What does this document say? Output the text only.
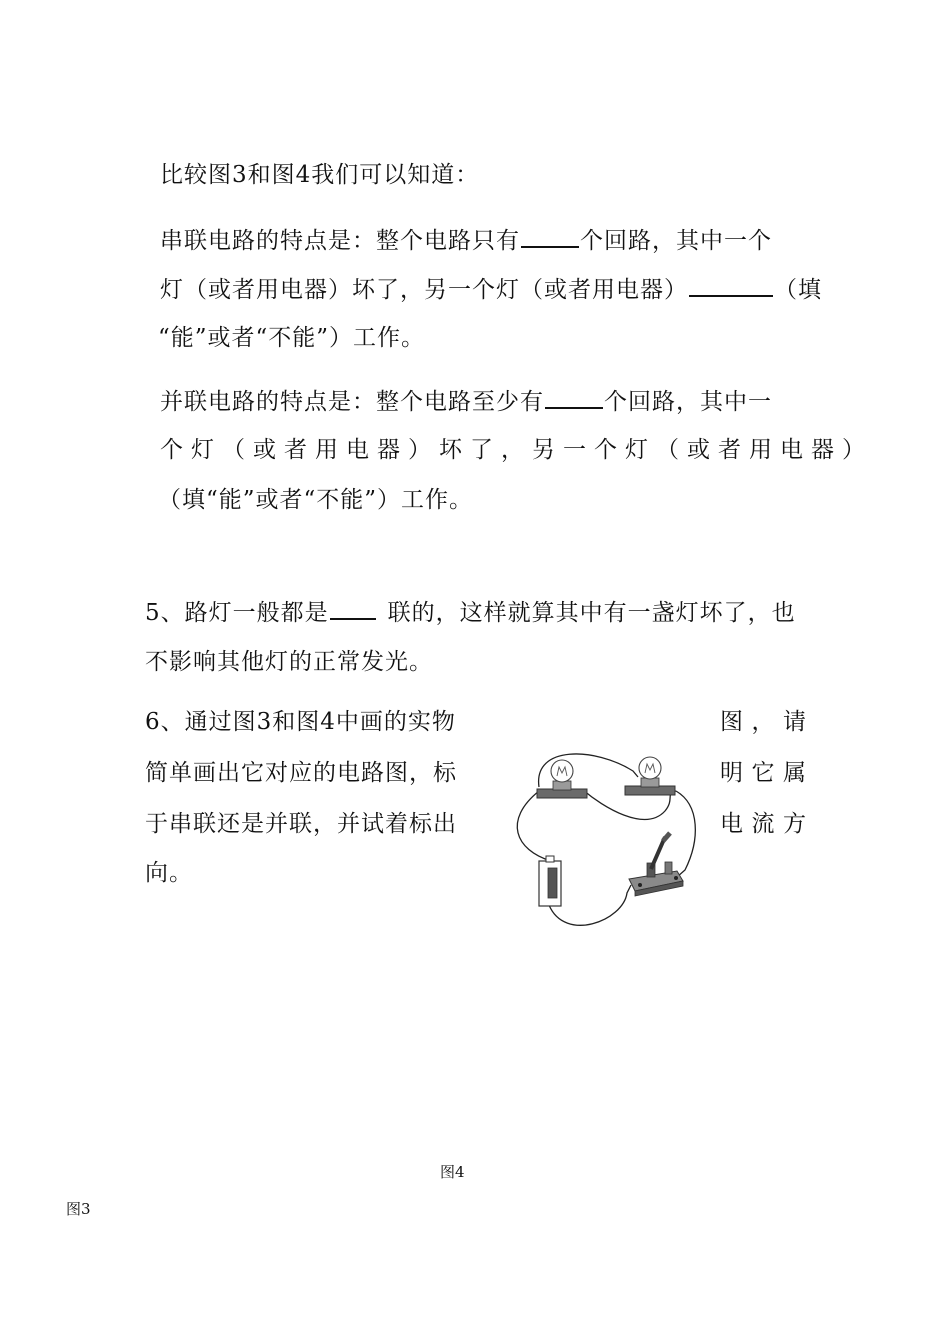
比较图3和图4我们可以知道：
串联电路的特点是：整个电路只有	个回路，其中一个
灯（或者用电器）坏了，另一个灯（或者用电器）	（填
“能”或者“不能”）工作。
并联电路的特点是：整个电路至少有	个回路，其中一
个灯（或者用电器）坏了，另一个灯（或者用电器）
（填“能”或者“不能”）工作。
5、路灯一般都是	联的，这样就算其中有一盏灯坏了，也
不影响其他灯的正常发光。
6、通过图3和图4中画的实物
简单画出它对应的电路图，标
于串联还是并联，并试着标出
向。
图 ， 请
明 它 属
电 流 方
图4
图3
